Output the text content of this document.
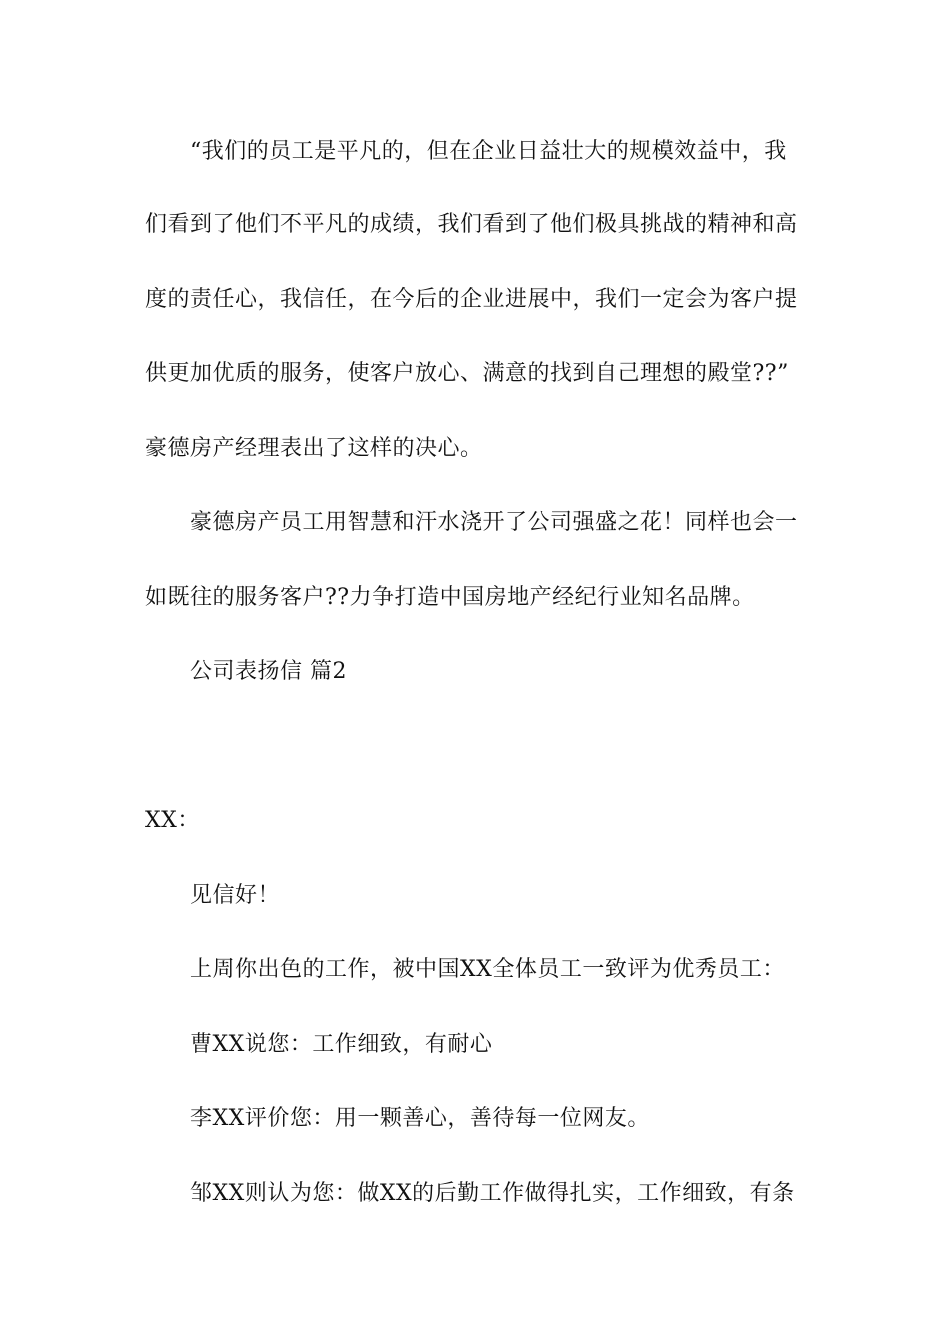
“我们的员工是平凡的，但在企业日益壮大的规模效益中，我
们看到了他们不平凡的成绩，我们看到了他们极具挑战的精神和高
度的责任心，我信任，在今后的企业进展中，我们一定会为客户提
供更加优质的服务，使客户放心、满意的找到自己理想的殿堂??”
豪德房产经理表出了这样的决心。
豪德房产员工用智慧和汗水浇开了公司强盛之花！同样也会一
如既往的服务客户??力争打造中国房地产经纪行业知名品牌。
公司表扬信 篇2
XX：
见信好！
上周你出色的工作，被中国XX全体员工一致评为优秀员工：
曹XX说您：工作细致，有耐心
李XX评价您：用一颗善心，善待每一位网友。
邹XX则认为您：做XX的后勤工作做得扎实，工作细致，有条
